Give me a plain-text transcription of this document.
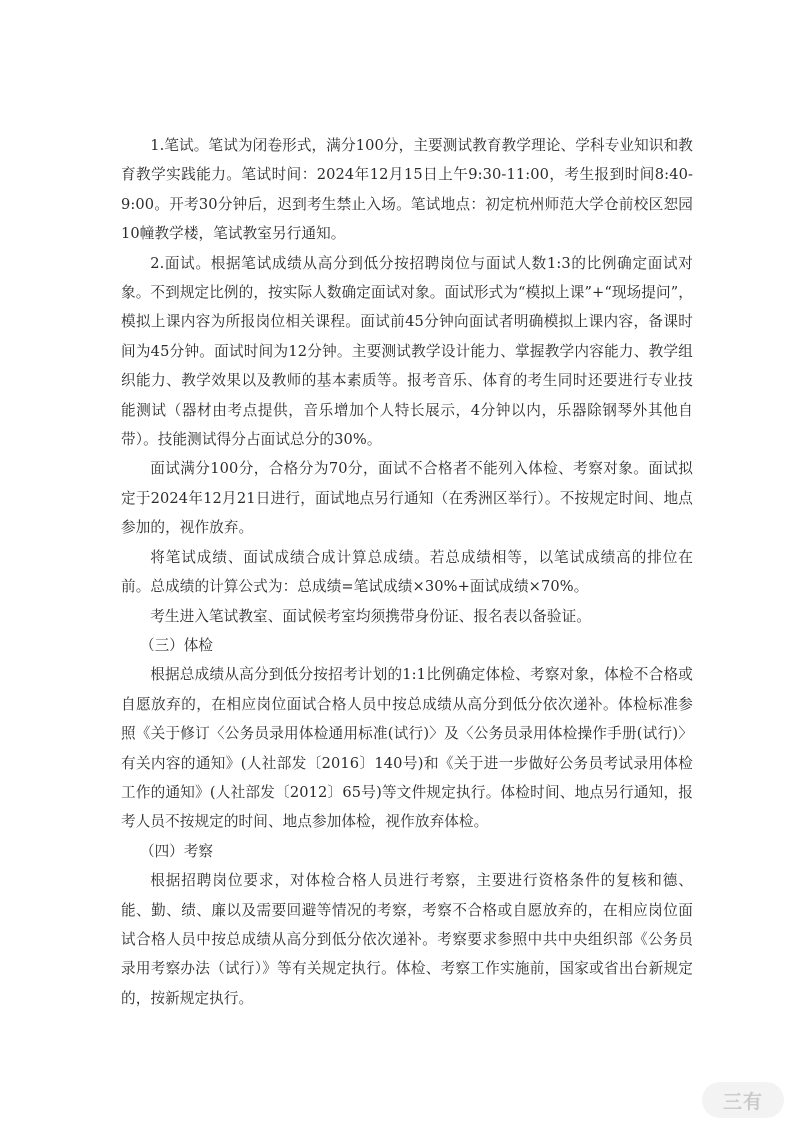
1.笔试。笔试为闭卷形式，满分100分，主要测试教育教学理论、学科专业知识和教育教学实践能力。笔试时间：2024年12月15日上午9:30-11:00，考生报到时间8:40-9:00。开考30分钟后，迟到考生禁止入场。笔试地点：初定杭州师范大学仓前校区恕园10幢教学楼，笔试教室另行通知。

2.面试。根据笔试成绩从高分到低分按招聘岗位与面试人数1:3的比例确定面试对象。不到规定比例的，按实际人数确定面试对象。面试形式为“模拟上课”+“现场提问”，模拟上课内容为所报岗位相关课程。面试前45分钟向面试者明确模拟上课内容，备课时间为45分钟。面试时间为12分钟。主要测试教学设计能力、掌握教学内容能力、教学组织能力、教学效果以及教师的基本素质等。报考音乐、体育的考生同时还要进行专业技能测试（器材由考点提供，音乐增加个人特长展示，4分钟以内，乐器除钢琴外其他自带）。技能测试得分占面试总分的30%。

面试满分100分，合格分为70分，面试不合格者不能列入体检、考察对象。面试拟定于2024年12月21日进行，面试地点另行通知（在秀洲区举行）。不按规定时间、地点参加的，视作放弃。

将笔试成绩、面试成绩合成计算总成绩。若总成绩相等，以笔试成绩高的排位在前。总成绩的计算公式为：总成绩=笔试成绩×30%+面试成绩×70%。

考生进入笔试教室、面试候考室均须携带身份证、报名表以备验证。

（三）体检

根据总成绩从高分到低分按招考计划的1:1比例确定体检、考察对象，体检不合格或自愿放弃的，在相应岗位面试合格人员中按总成绩从高分到低分依次递补。体检标准参照《关于修订〈公务员录用体检通用标准(试行)〉及〈公务员录用体检操作手册(试行)〉有关内容的通知》(人社部发〔2016〕140号)和《关于进一步做好公务员考试录用体检工作的通知》(人社部发〔2012〕65号)等文件规定执行。体检时间、地点另行通知，报考人员不按规定的时间、地点参加体检，视作放弃体检。

（四）考察

根据招聘岗位要求，对体检合格人员进行考察，主要进行资格条件的复核和德、能、勤、绩、廉以及需要回避等情况的考察，考察不合格或自愿放弃的，在相应岗位面试合格人员中按总成绩从高分到低分依次递补。考察要求参照中共中央组织部《公务员录用考察办法（试行）》等有关规定执行。体检、考察工作实施前，国家或省出台新规定的，按新规定执行。

三有
